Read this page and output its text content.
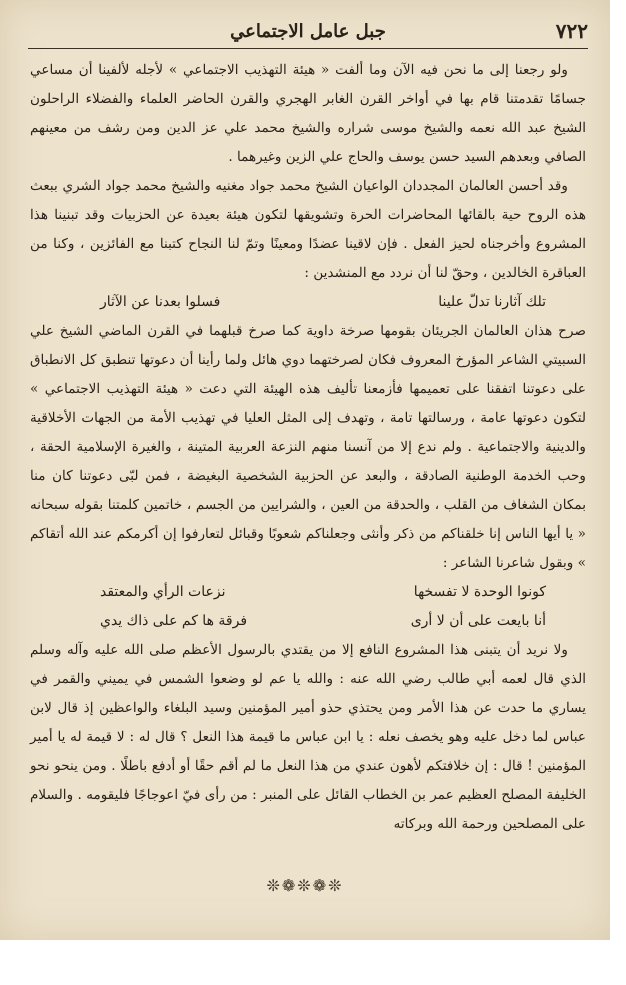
٧٢٢
جبل عامل الاجتماعي

ولو رجعنا إلى ما نحن فيه الآن وما ألفت « هيئة التهذيب الاجتماعي » لأجله لألفينا أن مساعي جسامًا تقدمتنا قام بها في أواخر القرن الغابر الهجري والقرن الحاضر العلماء والفضلاء الراحلون الشيخ عبد الله نعمه والشيخ موسى شراره والشيخ محمد علي عز الدين ومن رشف من معينهم الصافي وبعدهم السيد حسن يوسف والحاج علي الزين وغيرهما .

وقد أحسن العالمان المجددان الواعيان الشيخ محمد جواد مغنيه والشيخ محمد جواد الشري ببعث هذه الروح حية بالقائها المحاضرات الحرة وتشويقها لتكون هيئة بعيدة عن الحزبيات وقد تبنينا هذا المشروع وأخرجناه لحيز الفعل . فإن لاقينا عضدًا ومعينًا وتمّ لنا النجاح كتبنا مع الفائزين ، وكنا من العباقرة الخالدين ، وحقّ لنا أن نردد مع المنشدين :

تلك آثارنا تدلّ علينا
فسلوا بعدنا عن الآثار

صرح هذان العالمان الجريئان بقومها صرخة داوية كما صرخ قبلهما في القرن الماضي الشيخ علي السبيتي الشاعر المؤرخ المعروف فكان لصرختهما دوي هائل ولما رأينا أن دعوتها تنطبق كل الانطباق على دعوتنا اتفقنا على تعميمها فأزمعنا تأليف هذه الهيئة التي دعت « هيئة التهذيب الاجتماعي » لتكون دعوتها عامة ، ورسالتها تامة ، وتهدف إلى المثل العليا في تهذيب الأمة من الجهات الأخلاقية والدينية والاجتماعية . ولم ندع إلا من آنسنا منهم النزعة العربية المتينة ، والغيرة الإسلامية الحقة ، وحب الخدمة الوطنية الصادقة ، والبعد عن الحزبية الشخصية البغيضة ، فمن لبّى دعوتنا كان منا بمكان الشغاف من القلب ، والحدقة من العين ، والشرايين من الجسم ، خاتمين كلمتنا بقوله سبحانه « يا أيها الناس إنا خلقناكم من ذكر وأنثى وجعلناكم شعوبًا وقبائل لتعارفوا إن أكرمكم عند الله أتقاكم » وبقول شاعرنا الشاعر :

كونوا الوحدة لا تفسخها
نزعات الرأي والمعتقد
أنا بايعت على أن لا أرى
فرقة ها كم على ذاك يدي

ولا نريد أن يتبنى هذا المشروع النافع إلا من يقتدي بالرسول الأعظم صلى الله عليه وآله وسلم الذي قال لعمه أبي طالب رضي الله عنه : والله يا عم لو وضعوا الشمس في يميني والقمر في يساري ما حدت عن هذا الأمر ومن يحتذي حذو أمير المؤمنين وسيد البلغاء والواعظين إذ قال لابن عباس لما دخل عليه وهو يخصف نعله : يا ابن عباس ما قيمة هذا النعل ؟ قال له : لا قيمة له يا أمير المؤمنين ! قال : إن خلافتكم لأهون عندي من هذا النعل ما لم أقم حقًا أو أدفع باطلًا . ومن ينحو نحو الخليفة المصلح العظيم عمر بن الخطاب القائل على المنبر : من رأى فيّ اعوجاجًا فليقومه . والسلام على المصلحين ورحمة الله وبركاته

❊❁❊❁❊
